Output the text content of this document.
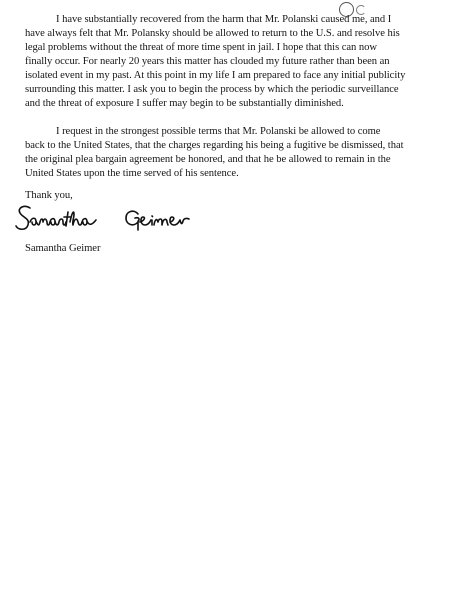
I have substantially recovered from the harm that Mr. Polanski caused me, and I
have always felt that Mr. Polansky should be allowed to return to the U.S. and resolve his
legal problems without the threat of more time spent in jail. I hope that this can now
finally occur. For nearly 20 years this matter has clouded my future rather than been an
isolated event in my past. At this point in my life I am prepared to face any initial publicity
surrounding this matter. I ask you to begin the process by which the periodic surveillance
and the threat of exposure I suffer may begin to be substantially diminished.
I request in the strongest possible terms that Mr. Polanski be allowed to come
back to the United States, that the charges regarding his being a fugitive be dismissed, that
the original plea bargain agreement be honored, and that he be allowed to remain in the
United States upon the time served of his sentence.
Thank you,
Samantha Geimer
